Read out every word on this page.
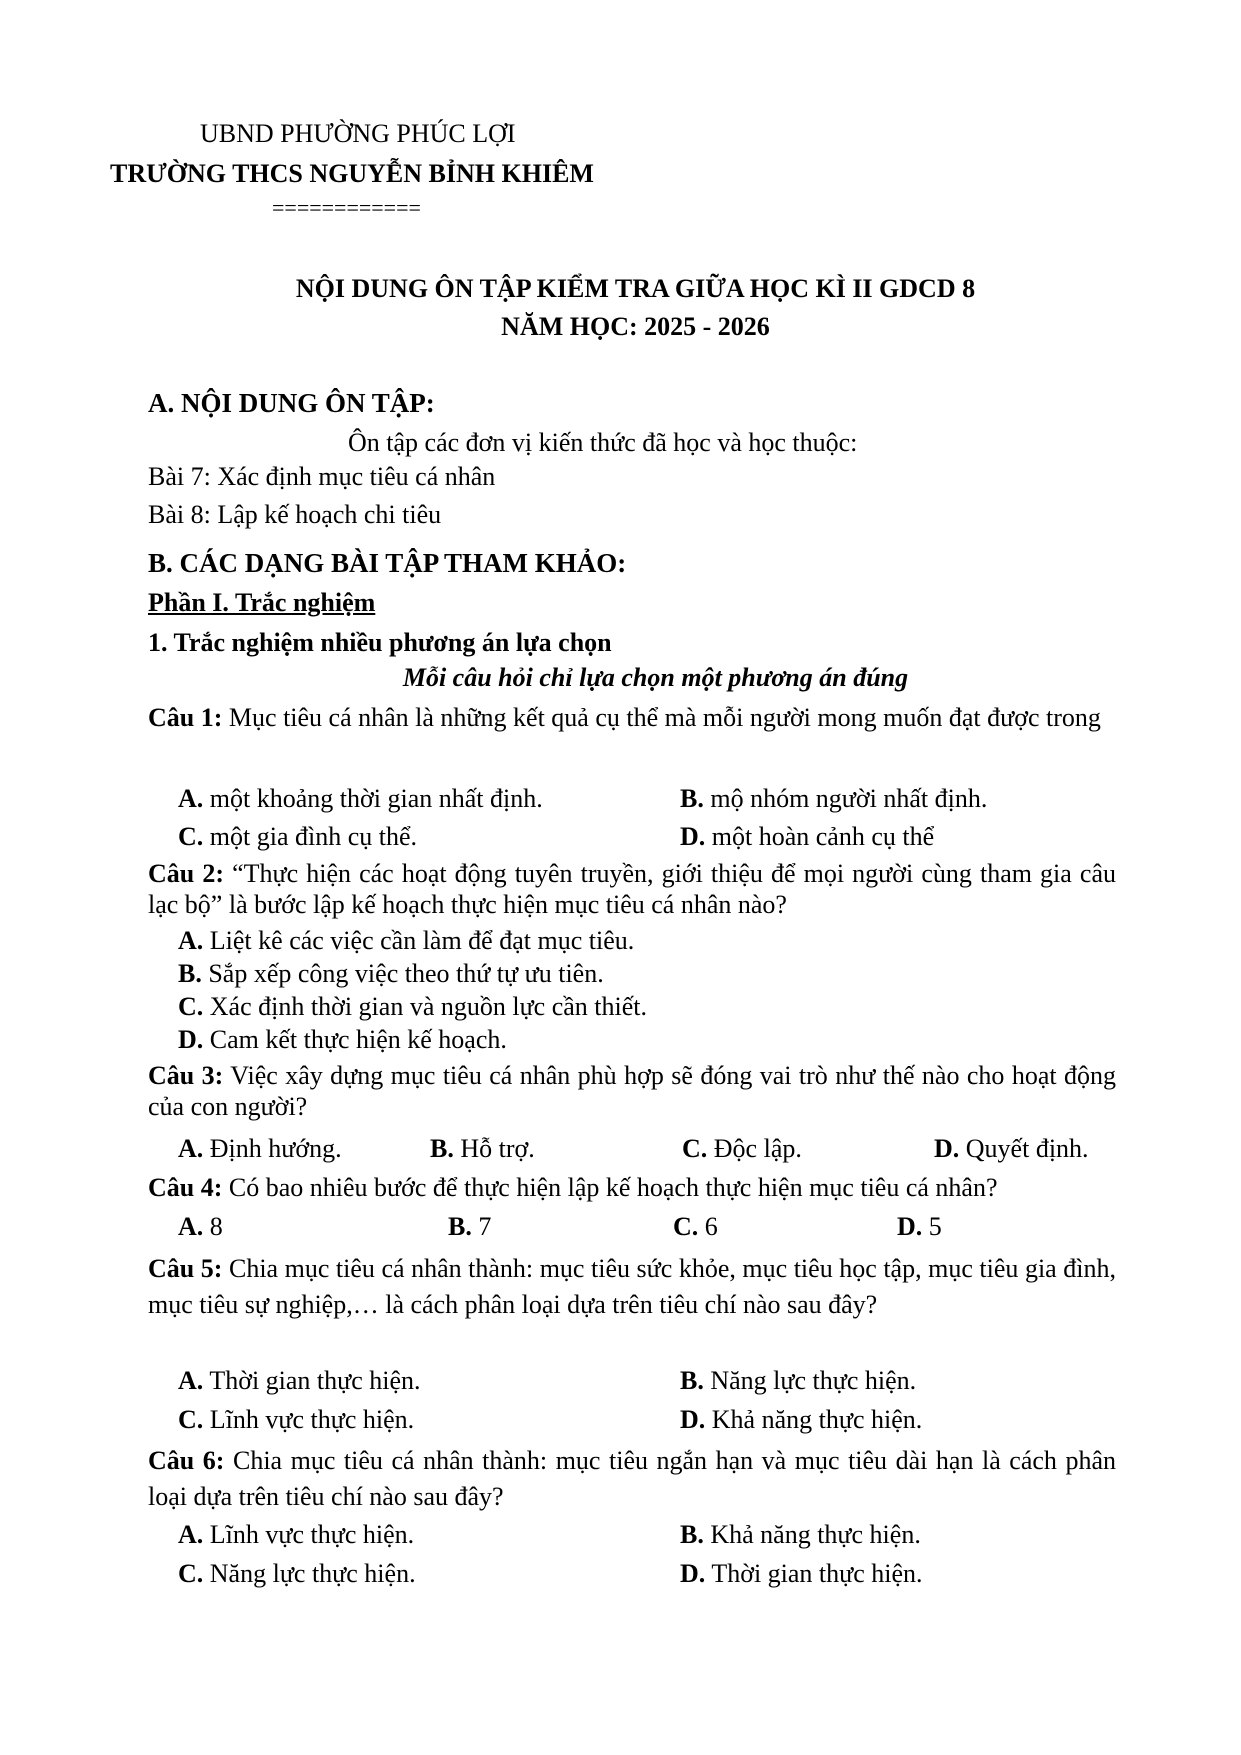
UBND PHƯỜNG PHÚC LỢI
TRƯỜNG THCS NGUYỄN BỈNH KHIÊM
============
NỘI DUNG ÔN TẬP KIỂM TRA GIỮA HỌC KÌ II GDCD 8
NĂM HỌC: 2025 - 2026
A. NỘI DUNG ÔN TẬP:
Ôn tập các đơn vị kiến thức đã học và học thuộc:
Bài 7: Xác định mục tiêu cá nhân
Bài 8: Lập kế hoạch chi tiêu
B. CÁC DẠNG BÀI TẬP THAM KHẢO:
Phần I. Trắc nghiệm
1. Trắc nghiệm nhiều phương án lựa chọn
Mỗi câu hỏi chỉ lựa chọn một phương án đúng
Câu 1: Mục tiêu cá nhân là những kết quả cụ thể mà mỗi người mong muốn đạt được trong
A. một khoảng thời gian nhất định.	B. mộ nhóm người nhất định.
C. một gia đình cụ thể.	D. một hoàn cảnh cụ thể
Câu 2: “Thực hiện các hoạt động tuyên truyền, giới thiệu để mọi người cùng tham gia câu lạc bộ” là bước lập kế hoạch thực hiện mục tiêu cá nhân nào?
A. Liệt kê các việc cần làm để đạt mục tiêu.
B. Sắp xếp công việc theo thứ tự ưu tiên.
C. Xác định thời gian và nguồn lực cần thiết.
D. Cam kết thực hiện kế hoạch.
Câu 3: Việc xây dựng mục tiêu cá nhân phù hợp sẽ đóng vai trò như thế nào cho hoạt động của con người?
A. Định hướng.	B. Hỗ trợ.	C. Độc lập.	D. Quyết định.
Câu 4: Có bao nhiêu bước để thực hiện lập kế hoạch thực hiện mục tiêu cá nhân?
A. 8	B. 7	C. 6	D. 5
Câu 5: Chia mục tiêu cá nhân thành: mục tiêu sức khỏe, mục tiêu học tập, mục tiêu gia đình, mục tiêu sự nghiệp,… là cách phân loại dựa trên tiêu chí nào sau đây?
A. Thời gian thực hiện.	B. Năng lực thực hiện.
C. Lĩnh vực thực hiện.	D. Khả năng thực hiện.
Câu 6: Chia mục tiêu cá nhân thành: mục tiêu ngắn hạn và mục tiêu dài hạn là cách phân loại dựa trên tiêu chí nào sau đây?
A. Lĩnh vực thực hiện.	B. Khả năng thực hiện.
C. Năng lực thực hiện.	D. Thời gian thực hiện.
